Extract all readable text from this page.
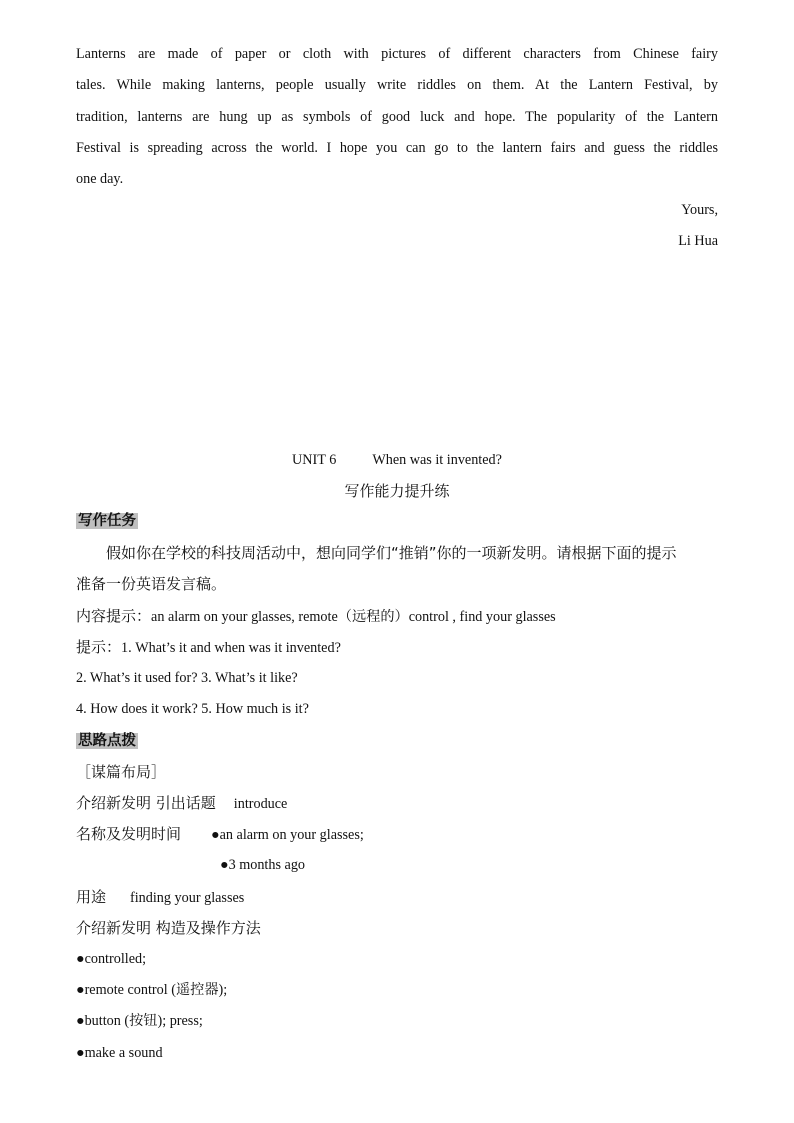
Lanterns are made of paper or cloth with pictures of different characters from Chinese fairy
tales. While making lanterns, people usually write riddles on them. At the Lantern Festival, by
tradition, lanterns are hung up as symbols of good luck and hope. The popularity of the Lantern
Festival is spreading across the world. I hope you can go to the lantern fairs and guess the riddles
one day.
Yours,
Li Hua
UNIT 6	When was it invented?
写作能力提升练
写作任务
假如你在学校的科技周活动中，想向同学们“推销”你的一项新发明。请根据下面的提示
准备一份英语发言稿。
内容提示：an alarm on your glasses, remote（远程的）control , find your glasses
提示：1. What’s it and when was it invented?
2. What’s it used for? 3. What’s it like?
4. How does it work? 5. How much is it?
思路点拨
［谋篇布局］
介绍新发明 引出话题 introduce
名称及发明时间 ●an alarm on your glasses;
●3 months ago
用途 finding your glasses
介绍新发明 构造及操作方法
●controlled;
●remote control (遥控器);
●button (按钮); press;
●make a sound
